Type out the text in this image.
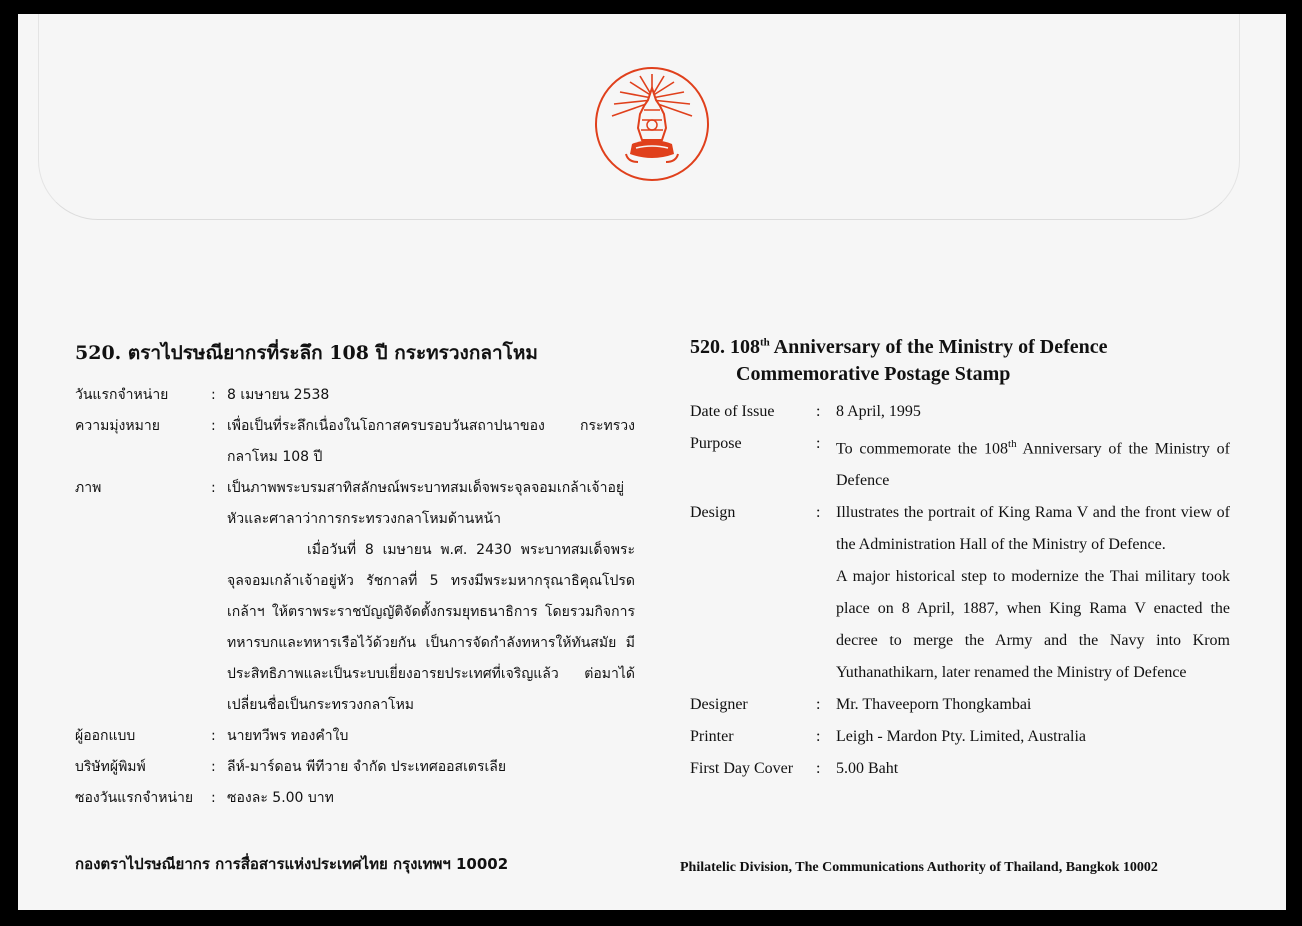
520. ตราไปรษณียากรที่ระลึก 108 ปี กระทรวงกลาโหม
วันแรกจำหน่าย	: 8 เมษายน 2538
ความมุ่งหมาย	: เพื่อเป็นที่ระลึกเนื่องในโอกาสครบรอบวันสถาปนาของ กระทรวงกลาโหม 108 ปี
ภาพ	: เป็นภาพพระบรมสาทิสลักษณ์พระบาทสมเด็จพระจุลจอมเกล้าเจ้าอยู่หัวและศาลาว่าการกระทรวงกลาโหมด้านหน้า

เมื่อวันที่ 8 เมษายน พ.ศ. 2430 พระบาทสมเด็จพระจุลจอมเกล้าเจ้าอยู่หัว รัชกาลที่ 5 ทรงมีพระมหากรุณาธิคุณโปรดเกล้าฯ ให้ตราพระราชบัญญัติจัดตั้งกรมยุทธนาธิการ โดยรวมกิจการทหารบกและทหารเรือไว้ด้วยกัน เป็นการจัดกำลังทหารให้ทันสมัย มีประสิทธิภาพและเป็นระบบเยี่ยงอารยประเทศที่เจริญแล้ว ต่อมาได้เปลี่ยนชื่อเป็นกระทรวงกลาโหม

ผู้ออกแบบ	: นายทวีพร ทองคำใบ
บริษัทผู้พิมพ์	: ลีห์-มาร์ดอน พีทีวาย จำกัด ประเทศออสเตรเลีย
ซองวันแรกจำหน่าย	: ซองละ 5.00 บาท
520. 108th Anniversary of the Ministry of Defence
Commemorative Postage Stamp
Date of Issue	: 8 April, 1995
Purpose	: To commemorate the 108th Anniversary of the Ministry of Defence
Design	: Illustrates the portrait of King Rama V and the front view of the Administration Hall of the Ministry of Defence.

A major historical step to modernize the Thai military took place on 8 April, 1887, when King Rama V enacted the decree to merge the Army and the Navy into Krom Yuthanathikarn, later renamed the Ministry of Defence

Designer	: Mr. Thaveeporn Thongkambai
Printer	: Leigh - Mardon Pty. Limited, Australia
First Day Cover	: 5.00 Baht
กองตราไปรษณียากร การสื่อสารแห่งประเทศไทย กรุงเทพฯ 10002	Philatelic Division, The Communications Authority of Thailand, Bangkok 10002
